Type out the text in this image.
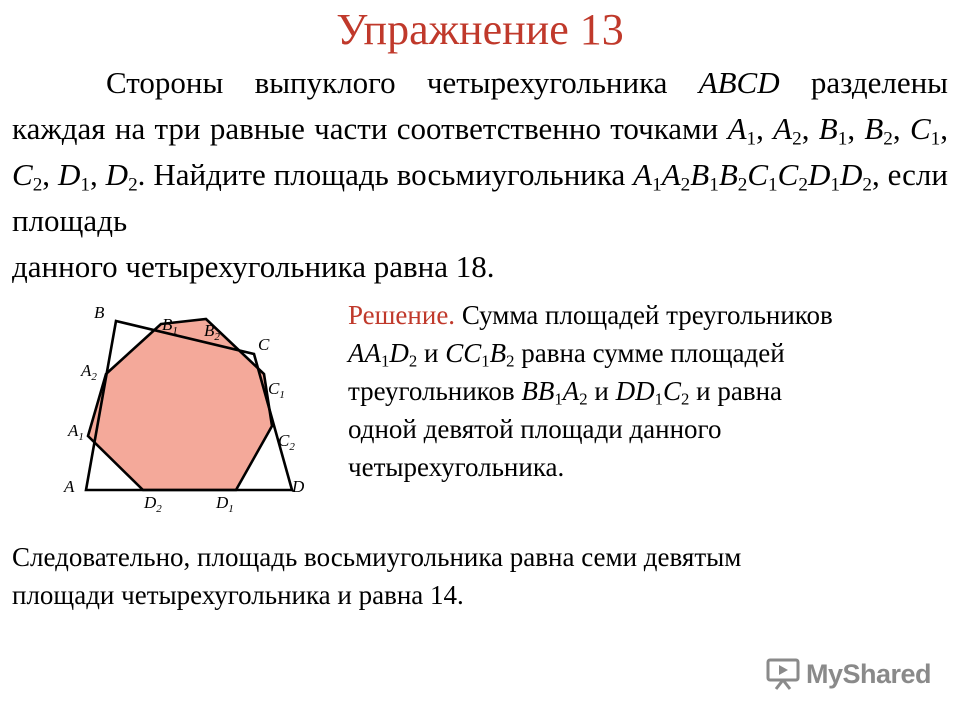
Упражнение 13
Стороны выпуклого четырехугольника ABCD разделены каждая на три равные части соответственно точками $A_1$, $A_2$, $B_1$, $B_2$, $C_1$, $C_2$, $D_1$, $D_2$. Найдите площадь восьмиугольника $A_1A_2B_1B_2C_1C_2D_1D_2$, если площадь
данного четырехугольника равна 18.
B
$B_1$ $B_2$ C
$A_2$
$C_1$
$A_1$	$C_2$
A
$D_2$	$D_1$
D
Решение. Сумма площадей треугольников
$AA_1D_2$ и $CC_1B_2$ равна сумме площадей
треугольников $BB_1A_2$ и $DD_1C_2$ и равна
одной девятой площади данного
четырехугольника.
Следовательно, площадь восьмиугольника равна семи девятым
площади четырехугольника и равна 14.
MyShared
